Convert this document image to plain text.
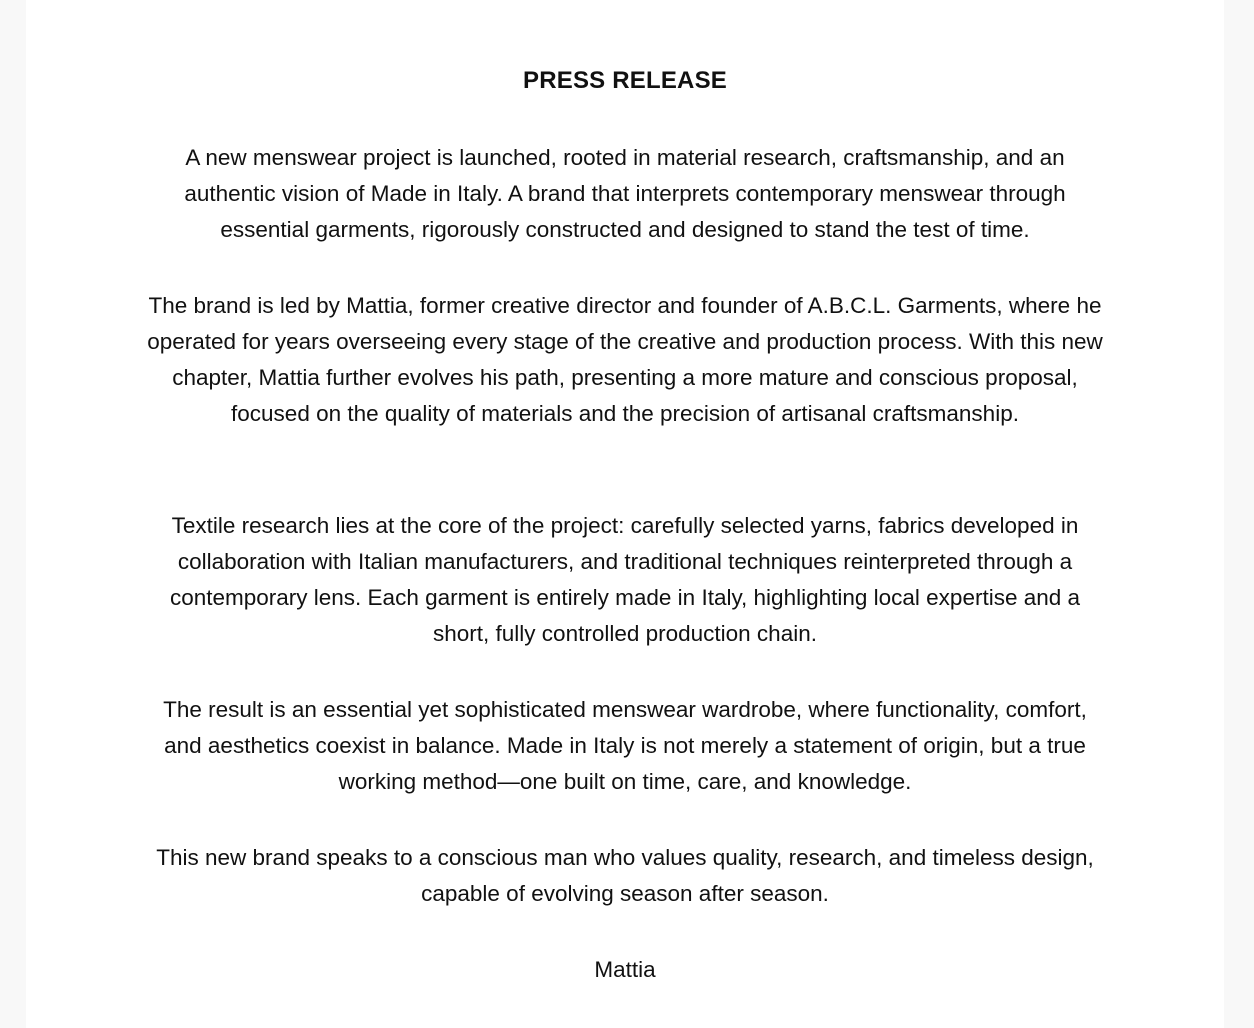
PRESS RELEASE

A new menswear project is launched, rooted in material research, craftsmanship, and an authentic vision of Made in Italy. A brand that interprets contemporary menswear through essential garments, rigorously constructed and designed to stand the test of time.

The brand is led by Mattia, former creative director and founder of A.B.C.L. Garments, where he operated for years overseeing every stage of the creative and production process. With this new chapter, Mattia further evolves his path, presenting a more mature and conscious proposal, focused on the quality of materials and the precision of artisanal craftsmanship.

Textile research lies at the core of the project: carefully selected yarns, fabrics developed in collaboration with Italian manufacturers, and traditional techniques reinterpreted through a contemporary lens. Each garment is entirely made in Italy, highlighting local expertise and a short, fully controlled production chain.

The result is an essential yet sophisticated menswear wardrobe, where functionality, comfort, and aesthetics coexist in balance. Made in Italy is not merely a statement of origin, but a true working method—one built on time, care, and knowledge.

This new brand speaks to a conscious man who values quality, research, and timeless design, capable of evolving season after season.

Mattia
